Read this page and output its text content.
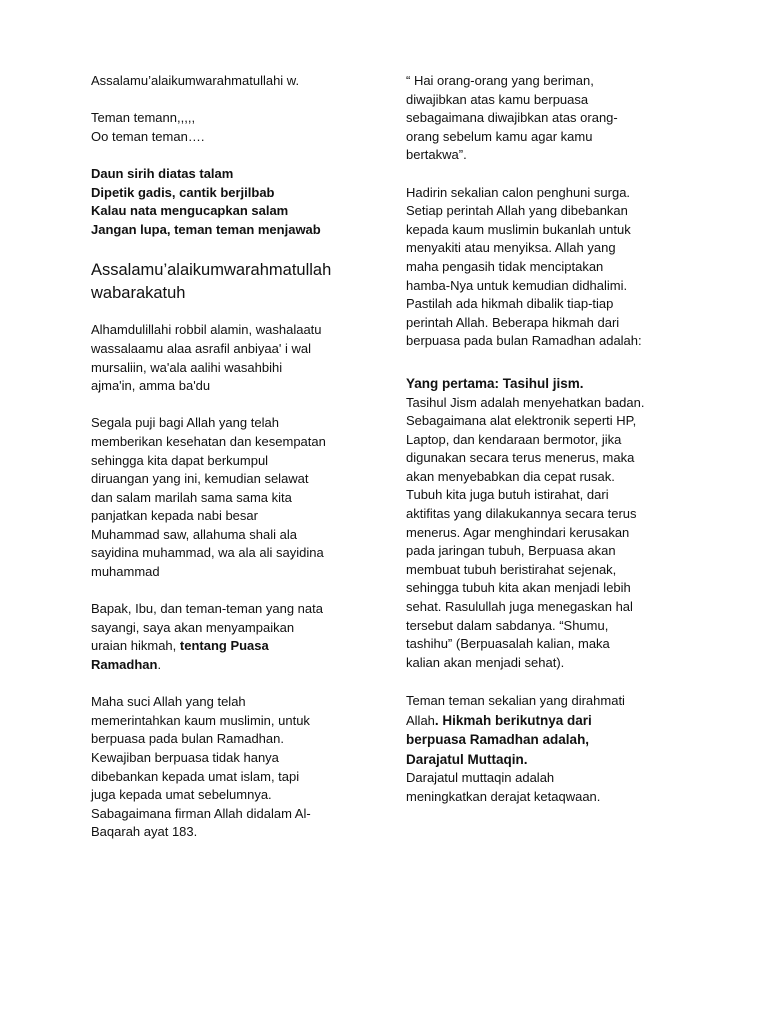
Assalamu’alaikumwarahmatullahi w.

Teman temann,,,,,

Oo teman teman….

Daun sirih diatas talam
Dipetik gadis, cantik berjilbab
Kalau nata mengucapkan salam
Jangan lupa, teman teman menjawab
Assalamu’alaikumwarahmatullah
wabarakatuh
Alhamdulillahi robbil alamin, washalaatu
wassalaamu alaa asrafil anbiyaa' i wal
mursaliin, wa'ala aalihi wasahbihi
ajma'in, amma ba'du
Segala puji bagi Allah yang telah
memberikan kesehatan dan kesempatan
sehingga kita dapat berkumpul
diruangan yang ini, kemudian selawat
dan salam marilah sama sama kita
panjatkan kepada nabi besar
Muhammad saw, allahuma shali ala
sayidina muhammad, wa ala ali sayidina
muhammad
Bapak, Ibu, dan teman-teman yang nata
sayangi, saya akan menyampaikan
uraian hikmah, tentang Puasa
Ramadhan.
Maha suci Allah yang telah
memerintahkan kaum muslimin, untuk
berpuasa pada bulan Ramadhan.
Kewajiban berpuasa tidak hanya
dibebankan kepada umat islam, tapi
juga kepada umat sebelumnya.
Sabagaimana firman Allah didalam Al-
Baqarah ayat 183.
“ Hai orang-orang yang beriman,
diwajibkan atas kamu berpuasa
sebagaimana diwajibkan atas orang-
orang sebelum kamu agar kamu
bertakwa”.
Hadirin sekalian calon penghuni surga.
Setiap perintah Allah yang dibebankan
kepada kaum muslimin bukanlah untuk
menyakiti atau menyiksa. Allah yang
maha pengasih tidak menciptakan
hamba-Nya untuk kemudian didhalimi.
Pastilah ada hikmah dibalik tiap-tiap
perintah Allah. Beberapa hikmah dari
berpuasa pada bulan Ramadhan adalah:

Yang pertama: Tasihul jism.

Tasihul Jism adalah menyehatkan badan.
Sebagaimana alat elektronik seperti HP,
Laptop, dan kendaraan bermotor, jika
digunakan secara terus menerus, maka
akan menyebabkan dia cepat rusak.
Tubuh kita juga butuh istirahat, dari
aktifitas yang dilakukannya secara terus
menerus. Agar menghindari kerusakan
pada jaringan tubuh, Berpuasa akan
membuat tubuh beristirahat sejenak,
sehingga tubuh kita akan menjadi lebih
sehat. Rasulullah juga menegaskan hal
tersebut dalam sabdanya. “Shumu,
tashihu” (Berpuasalah kalian, maka
kalian akan menjadi sehat).
Teman teman sekalian yang dirahmati
Allah. Hikmah berikutnya dari
berpuasa Ramadhan adalah,
Darajatul Muttaqin.
Darajatul muttaqin adalah
meningkatkan derajat ketaqwaan.
